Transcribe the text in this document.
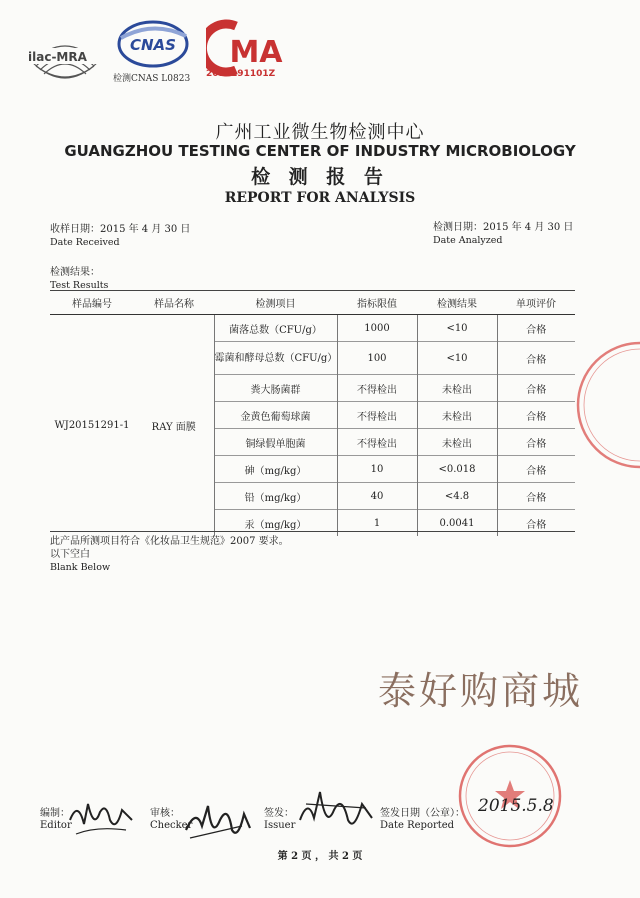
ilac-MRA
CNAS
检测CNAS L0823
MA
2015191101Z
广州工业微生物检测中心
GUANGZHOU TESTING CENTER OF INDUSTRY MICROBIOLOGY
检 测 报 告
REPORT FOR ANALYSIS
收样日期：2015 年 4 月 30 日
Date Received
检测日期：2015 年 4 月 30 日
Date Analyzed
检测结果：
Test Results
样品编号	样品名称	检测项目	指标限值	检测结果	单项评价
WJ20151291-1	RAY 面膜	菌落总数（CFU/g）	1000	<10	合格
		霉菌和酵母总数（CFU/g）	100	<10	合格
		粪大肠菌群	不得检出	未检出	合格
		金黄色葡萄球菌	不得检出	未检出	合格
		铜绿假单胞菌	不得检出	未检出	合格
		砷（mg/kg）	10	<0.018	合格
		铅（mg/kg）	40	<4.8	合格
		汞（mg/kg）	1	0.0041	合格
此产品所测项目符合《化妆品卫生规范》2007 要求。
以下空白
Blank Below
泰好购商城
编制：
Editor
审核：
Checker
签发：
Issuer
签发日期（公章）：
Date Reported
2015.5.8
第 2 页 ， 共 2 页
